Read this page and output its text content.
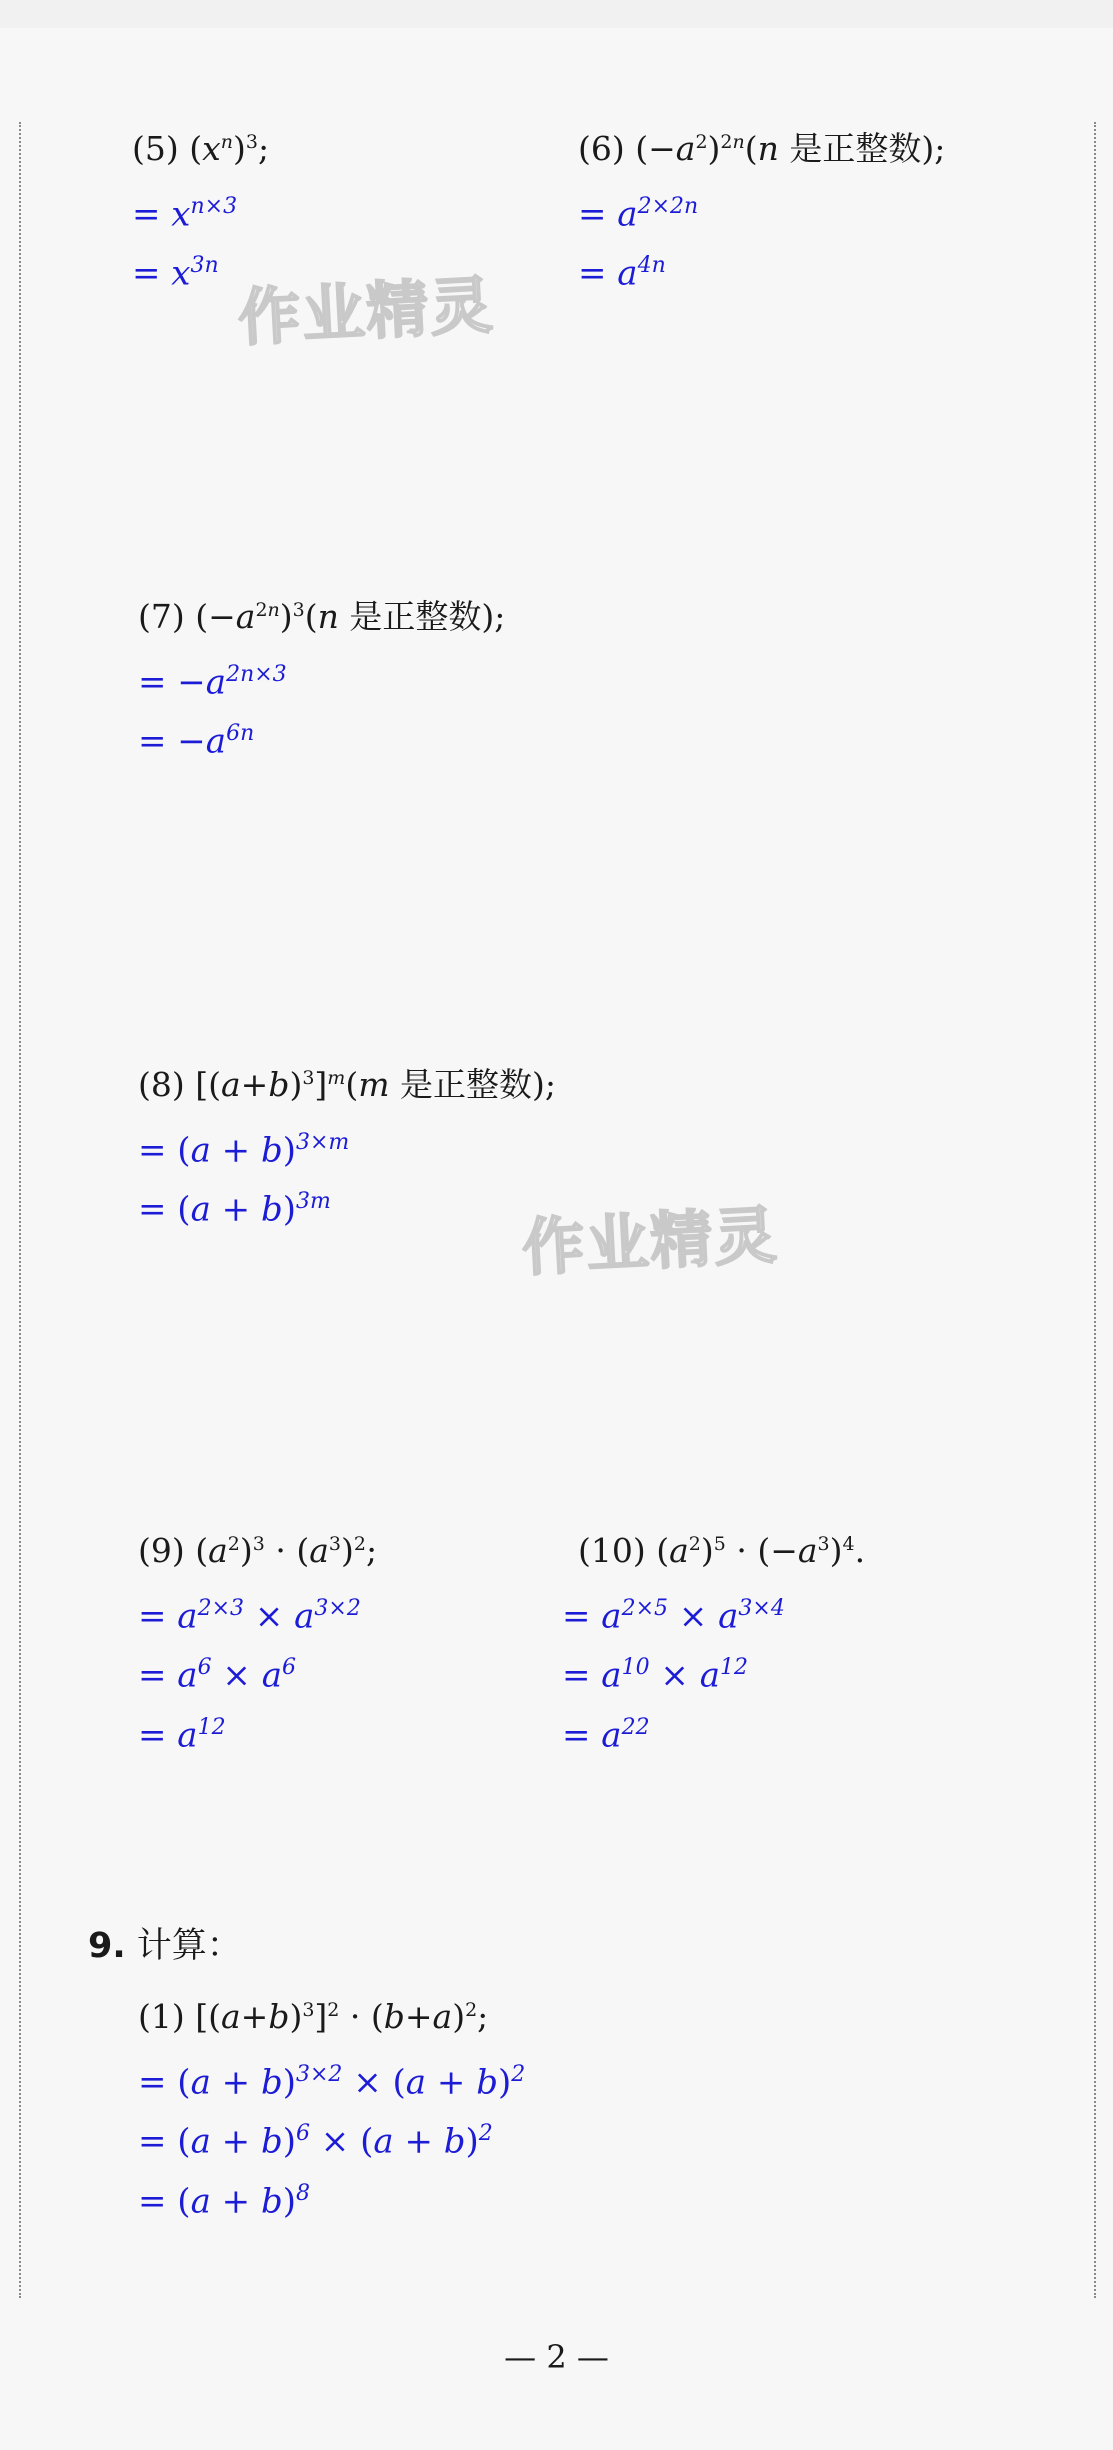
作业精灵
作业精灵
(5) $(x^n)^3$;
= $x^{n\times 3}$
= $x^{3n}$
(6) $(-a^2)^{2n}(n$ 是正整数);
= $a^{2\times 2n}$
= $a^{4n}$
(7) $(-a^{2n})^3(n$ 是正整数);
= $-a^{2n\times 3}$
= $-a^{6n}$
(8) $[(a+b)^3]^m(m$ 是正整数);
= $(a + b)^{3\times m}$
= $(a + b)^{3m}$
(9) $(a^2)^3 \cdot (a^3)^2$;
= $a^{2\times 3} \times a^{3\times 2}$
= $a^6 \times a^6$
= $a^{12}$
(10) $(a^2)^5 \cdot (-a^3)^4$.
= $a^{2\times 5} \times a^{3\times 4}$
= $a^{10} \times a^{12}$
= $a^{22}$
9. 计算：
(1) $[(a+b)^3]^2 \cdot (b+a)^2$;
= $(a + b)^{3\times 2} \times (a + b)^2$
= $(a + b)^6 \times (a + b)^2$
= $(a + b)^8$
— 2 —
